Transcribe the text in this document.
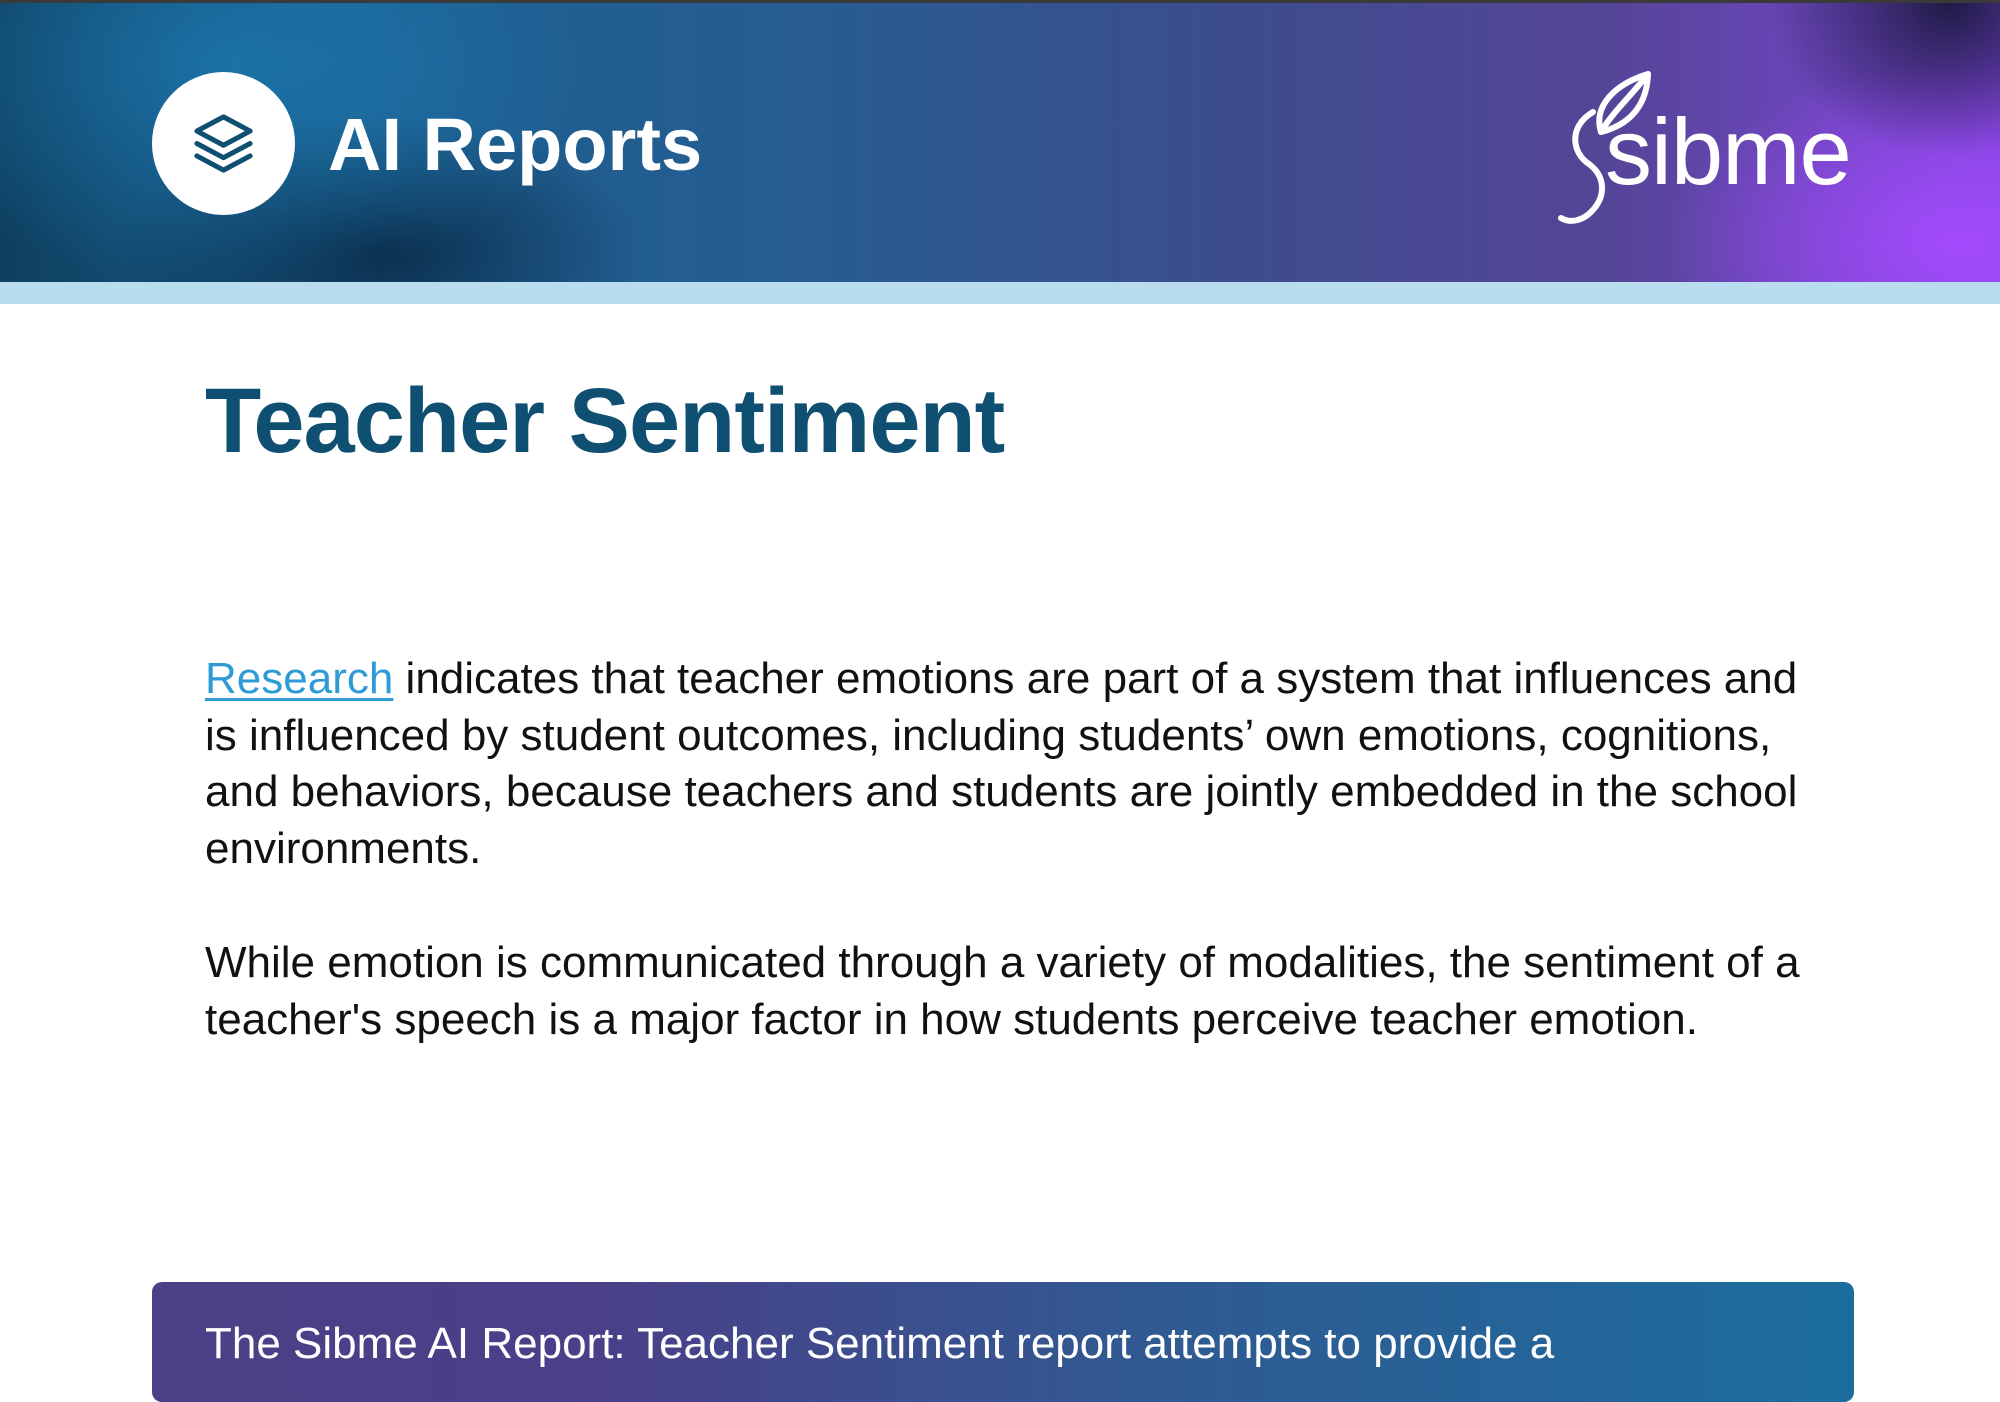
AI Reports	sibme
Teacher Sentiment

Research indicates that teacher emotions are part of a system that influences and is influenced by student outcomes, including students’ own emotions, cognitions, and behaviors, because teachers and students are jointly embedded in the school environments.

While emotion is communicated through a variety of modalities, the sentiment of a teacher's speech is a major factor in how students perceive teacher emotion.

The Sibme AI Report: Teacher Sentiment report attempts to provide a
